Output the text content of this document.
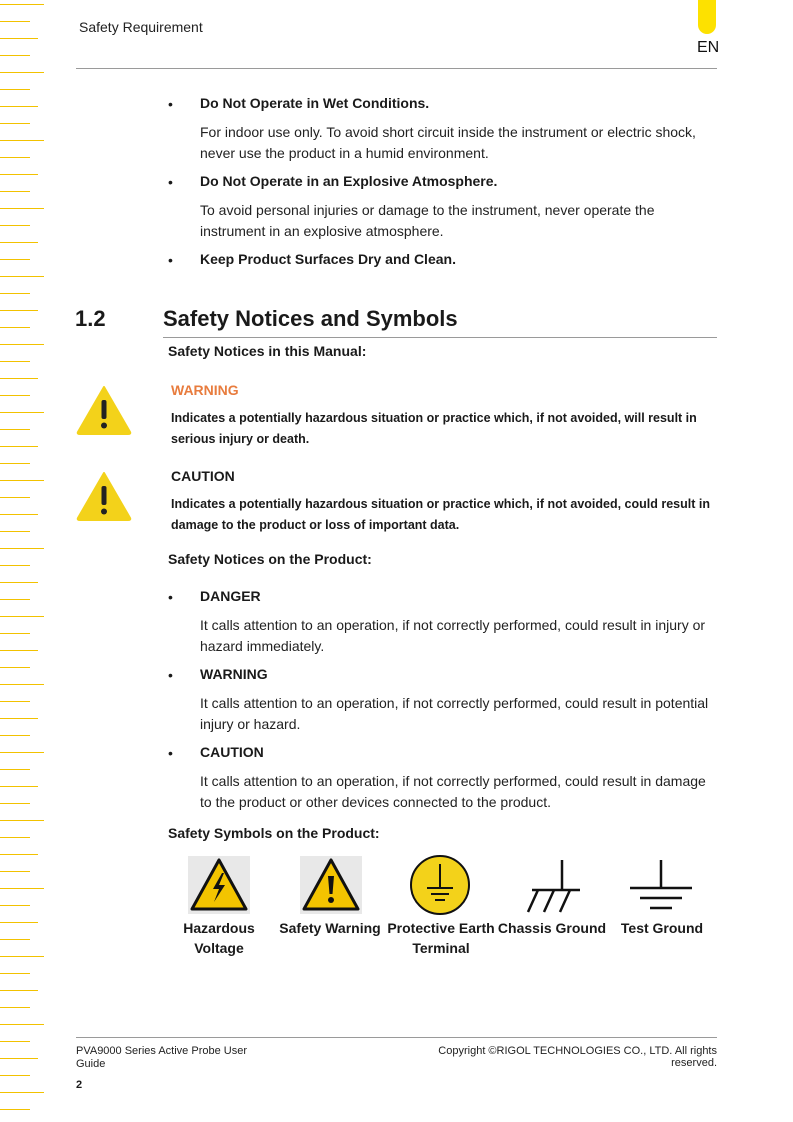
Safety Requirement
EN
• Do Not Operate in Wet Conditions.
For indoor use only. To avoid short circuit inside the instrument or electric shock, never use the product in a humid environment.
• Do Not Operate in an Explosive Atmosphere.
To avoid personal injuries or damage to the instrument, never operate the instrument in an explosive atmosphere.
• Keep Product Surfaces Dry and Clean.
1.2	Safety Notices and Symbols
Safety Notices in this Manual:
WARNING
Indicates a potentially hazardous situation or practice which, if not avoided, will result in serious injury or death.
CAUTION
Indicates a potentially hazardous situation or practice which, if not avoided, could result in damage to the product or loss of important data.
Safety Notices on the Product:
• DANGER
It calls attention to an operation, if not correctly performed, could result in injury or hazard immediately.
• WARNING
It calls attention to an operation, if not correctly performed, could result in potential injury or hazard.
• CAUTION
It calls attention to an operation, if not correctly performed, could result in damage to the product or other devices connected to the product.
Safety Symbols on the Product:
Hazardous
Voltage
Safety Warning Protective Earth
Terminal
Chassis Ground	Test Ground
PVA9000 Series Active Probe User Guide
Copyright ©RIGOL TECHNOLOGIES CO., LTD. All rights reserved.
2
